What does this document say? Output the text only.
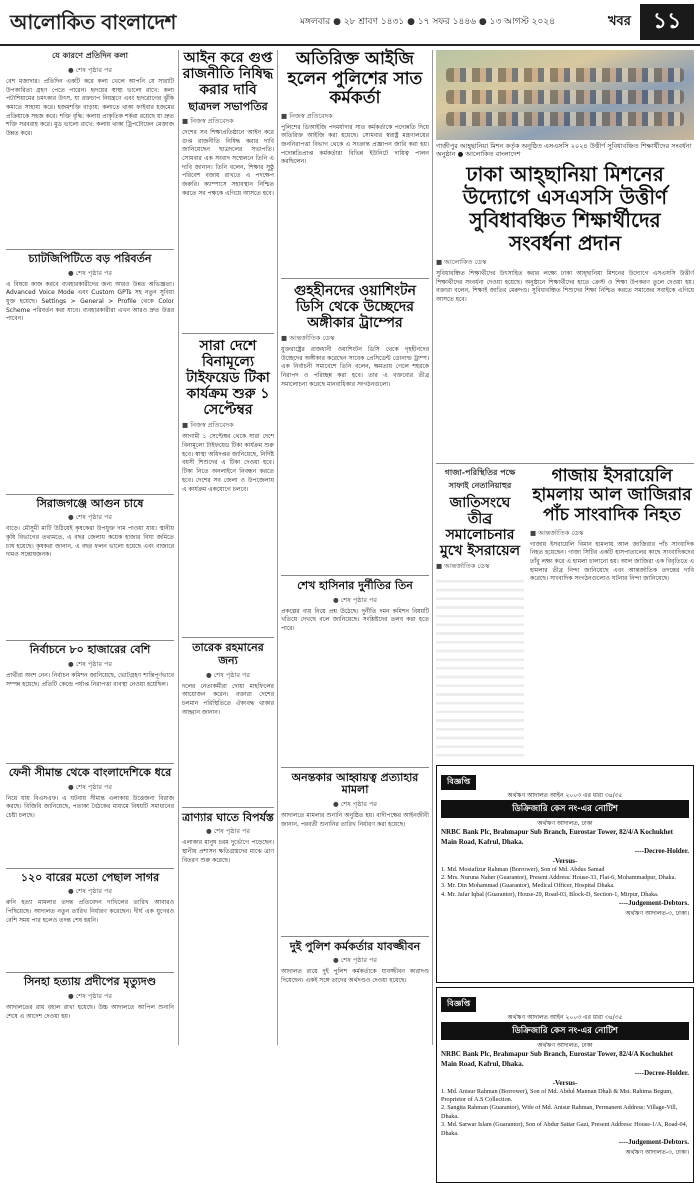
আলোকিত বাংলাদেশ	মঙ্গলবার ● ২৮ শ্রাবণ ১৪৩১ ● ১৭ সফর ১৪৪৬ ● ১৩ আগস্ট ২০২৪	খবর ১১
যে কারণে প্রতিদিন কলা
● শেষ পৃষ্ঠার পর
বেশ মজাদার। প্রতিদিন একটি করে কলা খেলে আপনি যে সারাটি উপকারিতা গ্রহণ পেতে পারেন। হৃদয়ের স্বাস্থ্য ভালো রাখে: কলা পটাশিয়ামের চমৎকার উৎস, যা রক্তচাপ নিয়ন্ত্রণে এবং হৃদরোগের ঝুঁকি কমাতে সাহায্য করে। হজমশক্তি বাড়ায়: কলাতে থাকা ফাইবার হজমের প্রক্রিয়াকে সহজ করে। শক্তি বৃদ্ধি: কলায় প্রাকৃতিক শর্করা রয়েছে যা দ্রুত শক্তি সরবরাহ করে। মুড ভালো রাখে: কলায় থাকা ট্রিপটোফেন মেজাজ উন্নত করে।
চ্যাটজিপিটিতে বড় পরিবর্তন
● শেষ পৃষ্ঠার পর
এ বিষয়ে কাজ করবে ব্যবহারকারীদের জন্য আরও উন্নত অভিজ্ঞতা। Advanced Voice Mode এবং Custom GPTs সহ নতুন সুবিধা যুক্ত হয়েছে। Settings > General > Profile থেকে Color Scheme পরিবর্তন করা যাবে। ব্যবহারকারীরা এখন আরও দ্রুত উত্তর পাবেন।
সিরাজগঞ্জে আগুন চাষে
● শেষ পৃষ্ঠার পর
বাড়ে। মৌসুমী মাটি উঠিয়েই কৃষকেরা উপযুক্ত দাম পাওয়া যায়। স্থানীয় কৃষি বিভাগের তথ্যমতে, এ বছর জেলায় কয়েক হাজার বিঘা জমিতে চাষ হয়েছে। কৃষকরা জানান, এ বছর ফলন ভালো হয়েছে এবং বাজারে দামও সন্তোষজনক।
নির্বাচনে ৮০ হাজারের বেশি
● শেষ পৃষ্ঠার পর
প্রার্থীরা অংশ নেন। নির্বাচন কমিশন জানিয়েছে, ভোটগ্রহণ শান্তিপূর্ণভাবে সম্পন্ন হয়েছে। প্রতিটি কেন্দ্রে পর্যাপ্ত নিরাপত্তা ব্যবস্থা নেওয়া হয়েছিল।
ফেনী সীমান্ত থেকে বাংলাদেশিকে ধরে
● শেষ পৃষ্ঠার পর
নিয়ে যায় বিএসএফ। এ ঘটনায় সীমান্ত এলাকায় উত্তেজনা বিরাজ করছে। বিজিবি জানিয়েছে, পতাকা বৈঠকের মাধ্যমে বিষয়টি সমাধানের চেষ্টা চলছে।
১২০ বারের মতো পেছাল সাগর
● শেষ পৃষ্ঠার পর
রুনি হত্যা মামলার তদন্ত প্রতিবেদন দাখিলের তারিখ আবারও পিছিয়েছে। আদালত নতুন তারিখ নির্ধারণ করেছেন। দীর্ঘ এক যুগেরও বেশি সময় পার হলেও তদন্ত শেষ হয়নি।
সিনহা হত্যায় প্রদীপের মৃত্যুদণ্ড
● শেষ পৃষ্ঠার পর
আদালতের রায় বহাল রাখা হয়েছে। উচ্চ আদালতে আপিল শুনানি শেষে এ আদেশ দেওয়া হয়।
আইন করে গুপ্ত রাজনীতি নিষিদ্ধ করার দাবি
ছাত্রদল সভাপতির
■ নিজস্ব প্রতিবেদক
দেশের সব শিক্ষাপ্রতিষ্ঠানে আইন করে গুপ্ত রাজনীতি নিষিদ্ধ করার দাবি জানিয়েছেন ছাত্রদলের সভাপতি। সোমবার এক সংবাদ সম্মেলনে তিনি এ দাবি জানান। তিনি বলেন, শিক্ষার সুষ্ঠু পরিবেশ বজায় রাখতে এ পদক্ষেপ জরুরি। ক্যাম্পাসে সহাবস্থান নিশ্চিত করতে সব পক্ষকে এগিয়ে আসতে হবে।
সারা দেশে বিনামূল্যে টাইফয়েড টিকা কার্যক্রম শুরু ১ সেপ্টেম্বর
■ নিজস্ব প্রতিবেদক
আগামী ১ সেপ্টেম্বর থেকে সারা দেশে বিনামূল্যে টাইফয়েড টিকা কার্যক্রম শুরু হবে। স্বাস্থ্য অধিদপ্তর জানিয়েছে, নির্দিষ্ট বয়সী শিশুদের এ টিকা দেওয়া হবে। টিকা নিতে অনলাইনে নিবন্ধন করতে হবে। দেশের সব জেলা ও উপজেলায় এ কার্যক্রম একযোগে চলবে।
তারেক রহমানের জন্য
● শেষ পৃষ্ঠার পর
দলের নেতাকর্মীরা দোয়া মাহফিলের আয়োজন করেন। বক্তারা দেশের চলমান পরিস্থিতিতে ঐক্যবদ্ধ থাকার আহ্বান জানান।
ত্রাণ্যার ঘাতে বিপর্যস্ত
● শেষ পৃষ্ঠার পর
এলাকার মানুষ চরম দুর্ভোগে পড়েছেন। স্থানীয় প্রশাসন ক্ষতিগ্রস্তদের মাঝে ত্রাণ বিতরণ শুরু করেছে।
অতিরিক্ত আইজি হলেন পুলিশের সাত কর্মকর্তা
■ নিজস্ব প্রতিবেদক
পুলিশের ডিআইজি পদমর্যাদার সাত কর্মকর্তাকে পদোন্নতি দিয়ে অতিরিক্ত আইজি করা হয়েছে। সোমবার স্বরাষ্ট্র মন্ত্রণালয়ের জননিরাপত্তা বিভাগ থেকে এ সংক্রান্ত প্রজ্ঞাপন জারি করা হয়। পদোন্নতিপ্রাপ্ত কর্মকর্তারা বিভিন্ন ইউনিটে দায়িত্ব পালন করছিলেন।
গুহহীনদের ওয়াশিংটন ডিসি থেকে উচ্ছেদের অঙ্গীকার ট্রাম্পের
■ আন্তর্জাতিক ডেস্ক
যুক্তরাষ্ট্রের রাজধানী ওয়াশিংটন ডিসি থেকে গৃহহীনদের উচ্ছেদের অঙ্গীকার করেছেন সাবেক প্রেসিডেন্ট ডোনাল্ড ট্রাম্প। এক নির্বাচনী সমাবেশে তিনি বলেন, ক্ষমতায় গেলে শহরকে নিরাপদ ও পরিচ্ছন্ন করা হবে। তার এ বক্তব্যের তীব্র সমালোচনা করেছে মানবাধিকার সংগঠনগুলো।
শেখ হাসিনার দুর্নীতির তিন
● শেষ পৃষ্ঠার পর
প্রকল্পের ব্যয় নিয়ে প্রশ্ন উঠেছে। দুর্নীতি দমন কমিশন বিষয়টি খতিয়ে দেখছে বলে জানিয়েছে। সংশ্লিষ্টদের তলব করা হতে পারে।
অনন্তকার আহ্বায়ত্ব প্রত্যাহার মামলা
● শেষ পৃষ্ঠার পর
আদালতে মামলার শুনানি অনুষ্ঠিত হয়। বাদীপক্ষের আইনজীবী জানান, পরবর্তী শুনানির তারিখ নির্ধারণ করা হয়েছে।
দুই পুলিশ কর্মকর্তার যাবজ্জীবন
● শেষ পৃষ্ঠার পর
আদালত রায়ে দুই পুলিশ কর্মকর্তাকে যাবজ্জীবন কারাদণ্ড দিয়েছেন। একই সঙ্গে তাদের অর্থদণ্ডও দেওয়া হয়েছে।
গাজীপুর আহ্ছানিয়া মিশন কর্তৃক অনুষ্ঠিত এসএসসি ২০২৪ উত্তীর্ণ সুবিধাবঞ্চিত শিক্ষার্থীদের সংবর্ধনা অনুষ্ঠান ● আলোকিত বাংলাদেশ
ঢাকা আহ্ছানিয়া মিশনের উদ্যোগে এসএসসি উত্তীর্ণ সুবিধাবঞ্চিত শিক্ষার্থীদের সংবর্ধনা প্রদান
■ আলোকিত ডেস্ক
সুবিধাবঞ্চিত শিক্ষার্থীদের উৎসাহিত করার লক্ষ্যে ঢাকা আহ্ছানিয়া মিশনের উদ্যোগে এসএসসি উত্তীর্ণ শিক্ষার্থীদের সংবর্ধনা দেওয়া হয়েছে। অনুষ্ঠানে শিক্ষার্থীদের হাতে ক্রেস্ট ও শিক্ষা উপকরণ তুলে দেওয়া হয়। বক্তারা বলেন, শিক্ষাই জাতির মেরুদণ্ড। সুবিধাবঞ্চিত শিশুদের শিক্ষা নিশ্চিত করতে সমাজের সবাইকে এগিয়ে আসতে হবে।
গাজা-পরিস্থিতির পক্ষে সাফাই নেতানিয়াহুর
জাতিসংঘে তীব্র সমালোচনার মুখে ইসরায়েল
■ আন্তর্জাতিক ডেস্ক
গাজায় ইসরায়েলি হামলায় আল জাজিরার পাঁচ সাংবাদিক নিহত
■ আন্তর্জাতিক ডেস্ক
গাজায় ইসরায়েলি বিমান হামলায় আল জাজিরার পাঁচ সাংবাদিক নিহত হয়েছেন। গাজা সিটির একটি হাসপাতালের কাছে সাংবাদিকদের তাঁবু লক্ষ্য করে এ হামলা চালানো হয়। আল জাজিরা এক বিবৃতিতে এ হামলার তীব্র নিন্দা জানিয়েছে এবং আন্তর্জাতিক তদন্তের দাবি করেছে। সাংবাদিক সংগঠনগুলোও ঘটনার নিন্দা জানিয়েছে।
বিজ্ঞপ্তি
অর্থঋণ আদালত আইন ২০০৩ এর ধারা ৩৪/৩৫
ডিক্রিজারি কেস নং-এর নোটিশ
অর্থঋণ আদালত, ঢাকা
NRBC Bank Plc, Brahmapur Sub Branch, Eurostar Tower, 82/4/A Kochukhet Main Road, Kafrul, Dhaka.
----Decree-Holder.
-Versus-
1. Md. Mostafizur Rahman (Borrower), Son of Md. Abdus Samad
2. Mrs. Nuruna Naher (Guarantor), Present Address: House-33, Flat-6, Mohammadpur, Dhaka.
3. Mr. Din Mohammad (Guarantor), Medical Officer, Hospital Dhaka.
4. Mr. Jafar Iqbal (Guarantor), House-29, Road-03, Block-D, Section-1, Mirpur, Dhaka.
----Judgement-Debtors.
অর্থঋণ আদালত-৩, ঢাকা।
বিজ্ঞপ্তি
অর্থঋণ আদালত আইন ২০০৩ এর ধারা ৩৪/৩৫
ডিক্রিজারি কেস নং-এর নোটিশ
অর্থঋণ আদালত, ঢাকা
NRBC Bank Plc, Brahmapur Sub Branch, Eurostar Tower, 82/4/A Kochukhet Main Road, Kafrul, Dhaka.
----Decree-Holder.
-Versus-
1. Md. Anisur Rahman (Borrower), Son of Md. Abdul Mannan Dhali & Mst. Rahima Begum, Proprietor of A.S Collection.
2. Sangita Rahman (Guarantor), Wife of Md. Anisur Rahman, Permanent Address: Village-Vill, Dhaka.
3. Md. Sarwar Islam (Guarantor), Son of Abdur Sattar Gazi, Present Address: House-1/A, Road-04, Dhaka.
----Judgement-Debtors.
অর্থঋণ আদালত-৩, ঢাকা।
